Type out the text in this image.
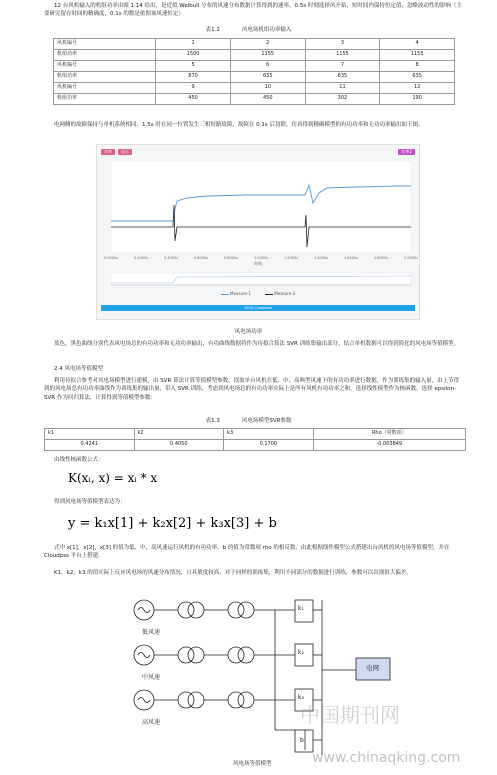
12 台风机输入的机组功率由图 1.14 给出，是近似 Weibull 分布的风速分布数据计算得到的速率，0.5s 时刻选择风开始，短时间内保持恒定值，忽略波动性的影响（主要研究留存时间的精确度，0.1s 的数是依据该风速恒定）
表1.2　　　　风电场机组功率输入
风机编号	1	2	3	4
机组功率	1500	1155	1155	1155
风机编号	5	6	7	8
机组功率	870	635	635	635
风机编号	9	10	11	12
机组功率	450	450	302	190
电网侧的故障保持与单机系统相同，1.5s 时在同一位置发生三相短路故障，故障在 0.1s 后切除，仿真得到精确模型的有功功率和无功功率输出如下图。
功率	电压	功率2
0.0000s	0.2000s	0.4000s	0.6000s	0.8000s	1.0000s	1.2000s	1.4000s	1.6000s	1.8000s	2.0000s
时间
Measure-1	Measure-2
100% Complete
风电场功率
蓝色，黑色曲线分别代表风电场总的有功功率和无功功率输出，有功曲线数据将作为待拟合算法 SVR 训练集输出部分，结合单机数据可以得到简化的风电场等值模型。
2.4 风电场等值模型
利用待拟合参考对风电场模型进行建模，由 SVR 算法计算等值模型参数，找取单台风机在低、中、高典型风速下的有功功率进行数据，作为训练集的输入量，由上节得到的风电场总有功功率曲线作为训练集的输出量，带入 SVR 训练，考虑到风电场总的有功功率实际上是所有风机有功功率之和，选择线性模型作为核函数，选择 epsilon-SVR 作为回归算法，计算得到等值模型参数：
表1.3　　　　风电场模型SVR参数
k1	k2	k3	Rho（常数项）
0.4241	0.4050	0.1700	-0.003849
由线性核函数公式：
K(xᵢ, x) = xᵢ * x
得到风电场等值模型表达为：
y = k₁x[1] + k₂x[2] + k₃x[3] + b
式中 x[1]，x[2]，x[3] 的值为低、中、高风速运行风机的有功功率，b 的值为常数项 rho 的相反数，由此根据线性模型公式搭建出台风机的风电场等值模型，并在 Cloudpss 平台上搭建。
K1，k2，k3 的值实际上反应风电场的风速分布情况，且具敏度较高，对于同样的训练集，利用不同部分的数据进行训练，参数可以出现很大偏差。
低风速
中风速
高风速
k₁
k₂
k₃
b
电网
风电场等值模型
中国期刊网
www.chinaqking.com
